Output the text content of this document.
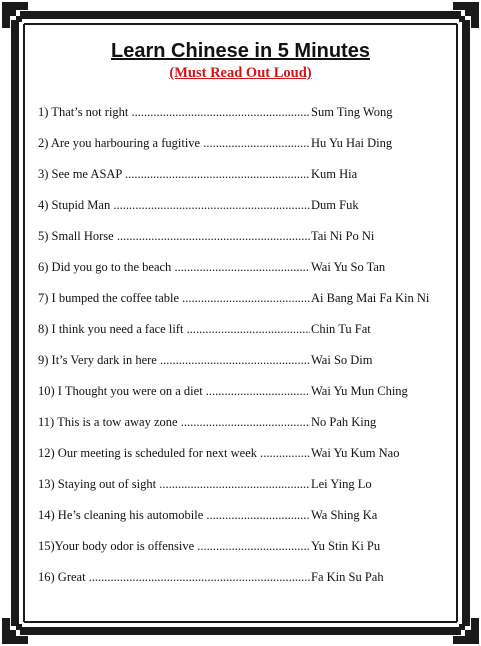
Learn Chinese in 5 Minutes
(Must Read Out Loud)
1) That’s not right .....	Sum Ting Wong
2) Are you harbouring a fugitive .....	Hu Yu Hai Ding
3) See me ASAP .....	Kum Hia
4) Stupid Man .....	Dum Fuk
5) Small Horse .....	Tai Ni Po Ni
6) Did you go to the beach .....	Wai Yu So Tan
7) I bumped the coffee table .....	Ai Bang Mai Fa Kin Ni
8) I think you need a face lift .....	Chin Tu Fat
9) It’s Very dark in here .....	Wai So Dim
10) I Thought you were on a diet .....	Wai Yu Mun Ching
11) This is a tow away zone .....	No Pah King
12) Our meeting is scheduled for next week .....	Wai Yu Kum Nao
13) Staying out of sight .....	Lei Ying Lo
14) He’s cleaning his automobile .....	Wa Shing Ka
15)Your body odor is offensive .....	Yu Stin Ki Pu
16) Great .....	Fa Kin Su Pah
